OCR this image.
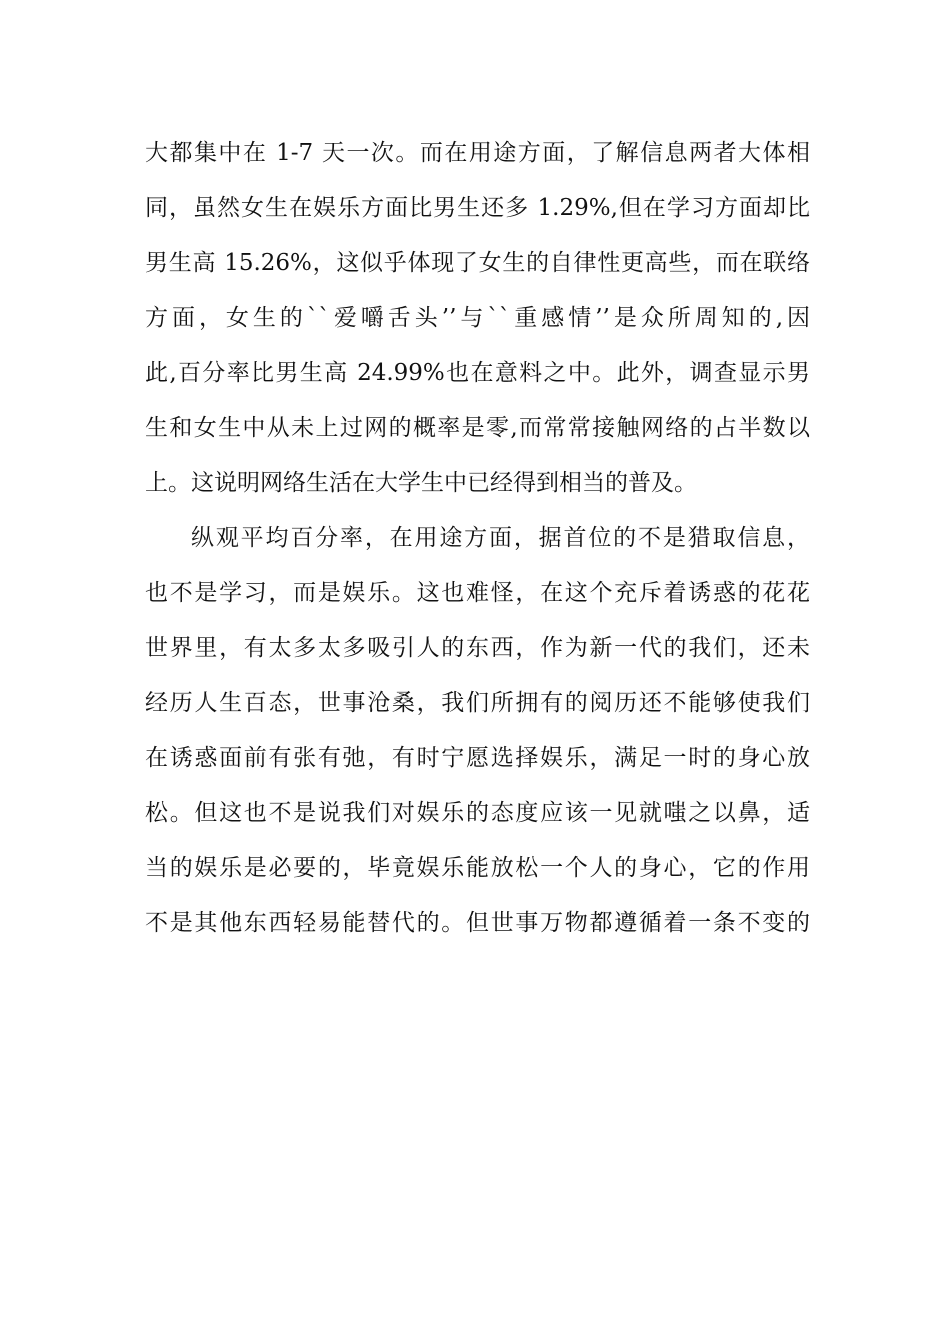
大都集中在 1-7 天一次。而在用途方面，了解信息两者大体相
同，虽然女生在娱乐方面比男生还多 1.29%,但在学习方面却比
男生高 15.26%，这似乎体现了女生的自律性更高些，而在联络
方面，女生的``爱嚼舌头’’与``重感情’’是众所周知的,因
此,百分率比男生高 24.99%也在意料之中。此外，调查显示男
生和女生中从未上过网的概率是零,而常常接触网络的占半数以
上。这说明网络生活在大学生中已经得到相当的普及。
纵观平均百分率，在用途方面，据首位的不是猎取信息，
也不是学习，而是娱乐。这也难怪，在这个充斥着诱惑的花花
世界里，有太多太多吸引人的东西，作为新一代的我们，还未
经历人生百态，世事沧桑，我们所拥有的阅历还不能够使我们
在诱惑面前有张有弛，有时宁愿选择娱乐，满足一时的身心放
松。但这也不是说我们对娱乐的态度应该一见就嗤之以鼻，适
当的娱乐是必要的，毕竟娱乐能放松一个人的身心，它的作用
不是其他东西轻易能替代的。但世事万物都遵循着一条不变的
